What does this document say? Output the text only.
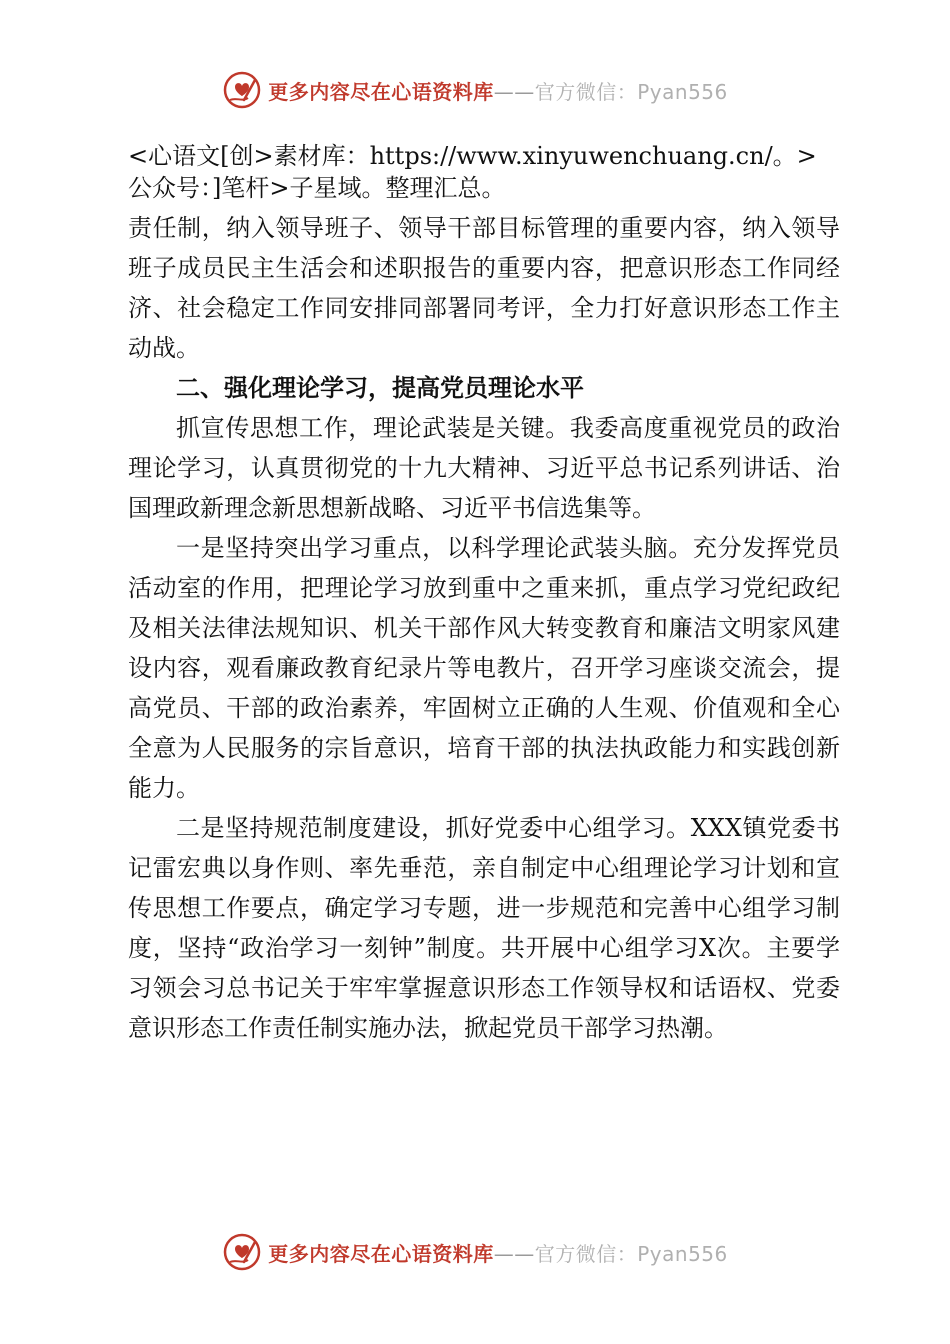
更多内容尽在心语资料库——官方微信：Pyan556

<心语文[创>素材库：https://www.xinyuwenchuang.cn/。>公众号：]笔杆>子星域。整理汇总。

责任制，纳入领导班子、领导干部目标管理的重要内容，纳入领导班子成员民主生活会和述职报告的重要内容，把意识形态工作同经济、社会稳定工作同安排同部署同考评，全力打好意识形态工作主动战。

二、强化理论学习，提高党员理论水平

抓宣传思想工作，理论武装是关键。我委高度重视党员的政治理论学习，认真贯彻党的十九大精神、习近平总书记系列讲话、治国理政新理念新思想新战略、习近平书信选集等。

一是坚持突出学习重点，以科学理论武装头脑。充分发挥党员活动室的作用，把理论学习放到重中之重来抓，重点学习党纪政纪及相关法律法规知识、机关干部作风大转变教育和廉洁文明家风建设内容，观看廉政教育纪录片等电教片，召开学习座谈交流会，提高党员、干部的政治素养，牢固树立正确的人生观、价值观和全心全意为人民服务的宗旨意识，培育干部的执法执政能力和实践创新能力。

二是坚持规范制度建设，抓好党委中心组学习。XXX镇党委书记雷宏典以身作则、率先垂范，亲自制定中心组理论学习计划和宣传思想工作要点，确定学习专题，进一步规范和完善中心组学习制度，坚持“政治学习一刻钟”制度。共开展中心组学习X次。主要学习领会习总书记关于牢牢掌握意识形态工作领导权和话语权、党委意识形态工作责任制实施办法，掀起党员干部学习热潮。

更多内容尽在心语资料库——官方微信：Pyan556
